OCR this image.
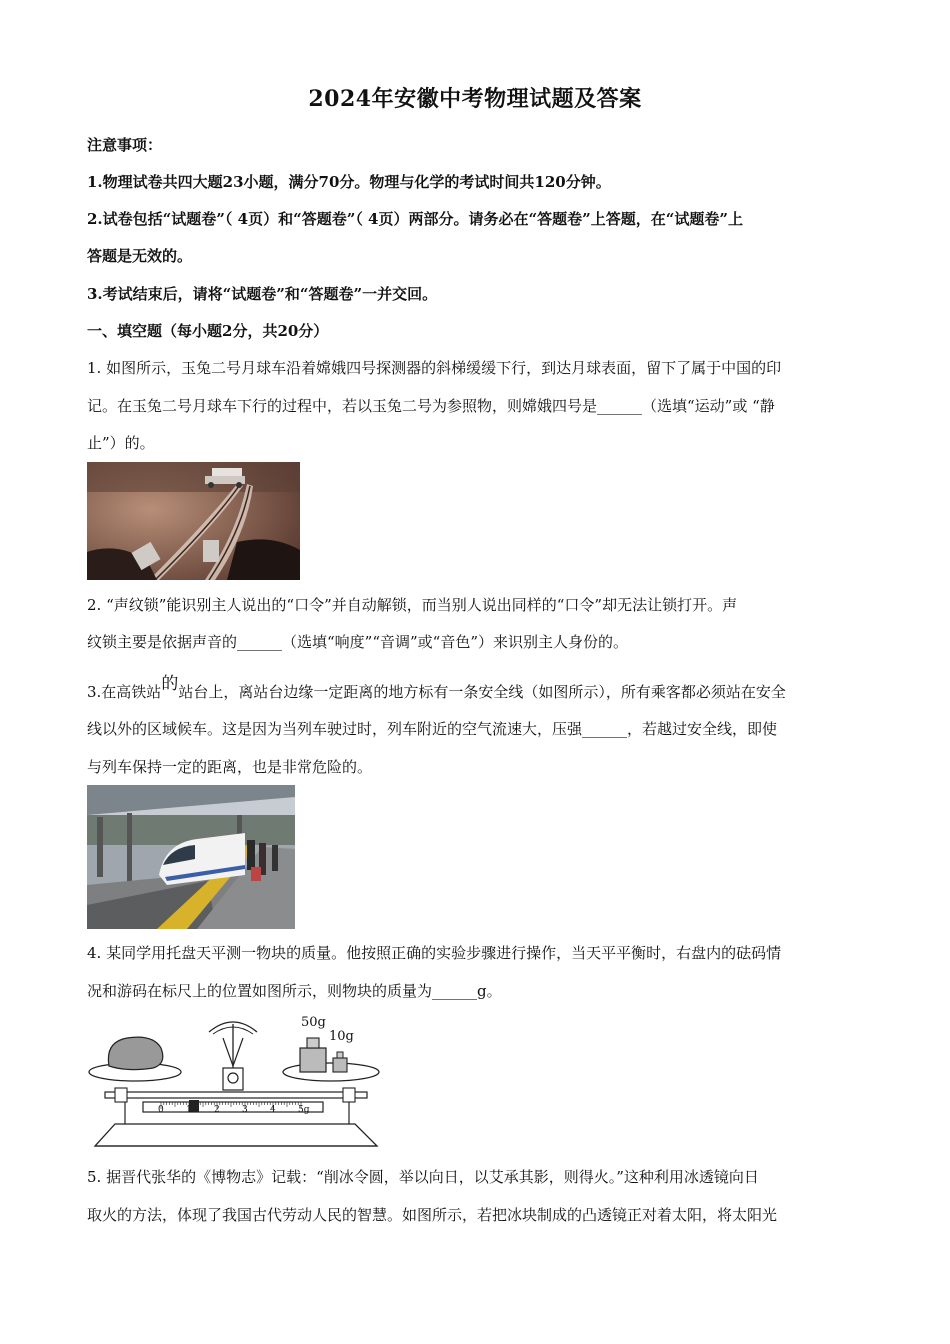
2024年安徽中考物理试题及答案
注意事项：
1.物理试卷共四大题23小题，满分70分。物理与化学的考试时间共120分钟。
2.试卷包括“试题卷”（ 4页）和“答题卷”（ 4页）两部分。请务必在“答题卷”上答题，在“试题卷”上
答题是无效的。
3.考试结束后，请将“试题卷”和“答题卷”一并交回。
一、填空题（每小题2分，共20分）
1. 如图所示，玉兔二号月球车沿着嫦娥四号探测器的斜梯缓缓下行，到达月球表面，留下了属于中国的印
记。在玉兔二号月球车下行的过程中，若以玉兔二号为参照物，则嫦娥四号是______（选填“运动”或 “静
止”）的。
2. “声纹锁”能识别主人说出的“口令”并自动解锁，而当别人说出同样的“口令”却无法让锁打开。声
纹锁主要是依据声音的______（选填“响度”“音调”或“音色”）来识别主人身份的。
3.在高铁站的站台上，离站台边缘一定距离的地方标有一条安全线（如图所示），所有乘客都必须站在安全
线以外的区域候车。这是因为当列车驶过时，列车附近的空气流速大，压强______，若越过安全线，即使
与列车保持一定的距离，也是非常危险的。
4. 某同学用托盘天平测一物块的质量。他按照正确的实验步骤进行操作，当天平平衡时，右盘内的砝码情
况和游码在标尺上的位置如图所示，则物块的质量为______g。
50g
10g
0 1 2 3 4 5g
5. 据晋代张华的《博物志》记载：“削冰令圆，举以向日，以艾承其影，则得火。”这种利用冰透镜向日
取火的方法，体现了我国古代劳动人民的智慧。如图所示，若把冰块制成的凸透镜正对着太阳，将太阳光
